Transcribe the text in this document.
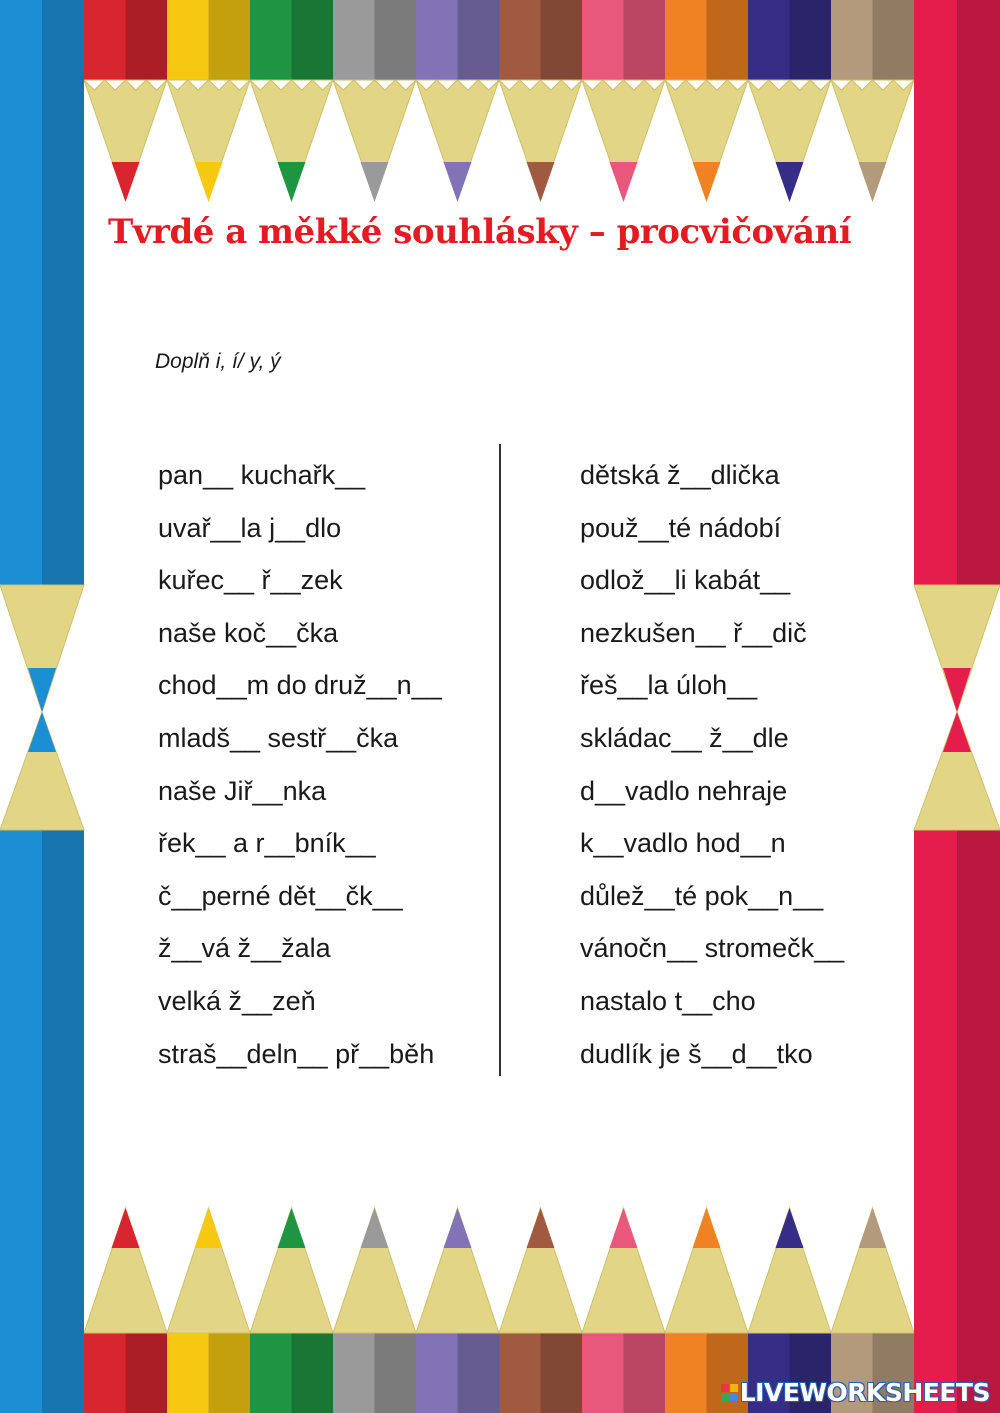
Tvrdé a měkké souhlásky – procvičování

Doplň i, í/ y, ý

pan__ kuchařk__
uvař__la j__dlo
kuřec__ ř__zek
naše koč__čka
chod__m do druž__n__
mladš__ sestř__čka
naše Jiř__nka
řek__ a r__bník__
č__perné dět__čk__
ž__vá ž__žala
velká ž__zeň
straš__deln__ př__běh
dětská ž__dlička
použ__té nádobí
odlož__li kabát__
nezkušen__ ř__dič
řeš__la úloh__
skládac__ ž__dle
d__vadlo nehraje
k__vadlo hod__n
důlež__té pok__n__
vánočn__ stromečk__
nastalo t__cho
dudlík je š__d__tko
LIVEWORKSHEETS
